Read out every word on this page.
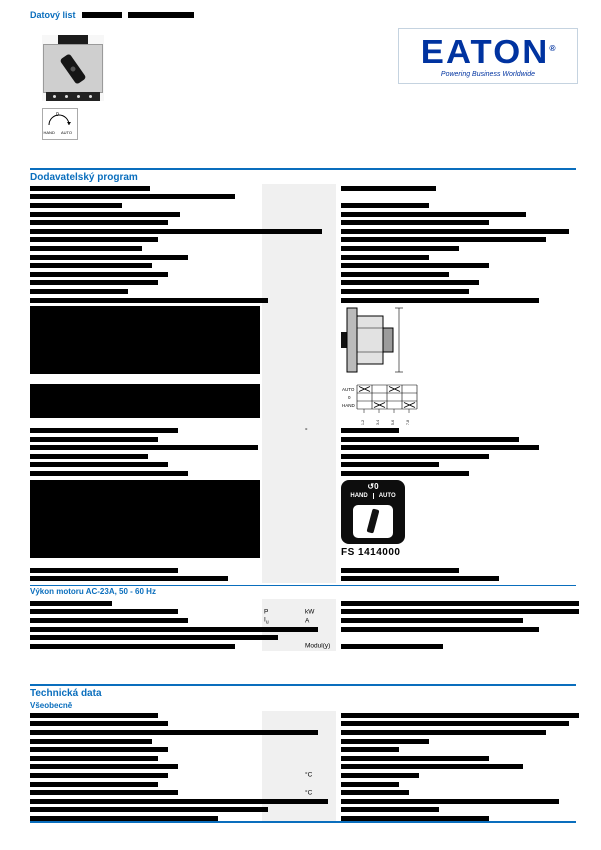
Datový list
0
HAND AUTO
EATON®
Powering Business Worldwide
Dodavatelský program
AUTO
0
HAND
1-2	3-4	5-6	7-8
°
↺0
HAND AUTO
FS 1414000
Výkon motoru AC-23A, 50 - 60 Hz
P	kW
$I_u$	A
Modul(y)
Technická data
Všeobecně
°C
°C
